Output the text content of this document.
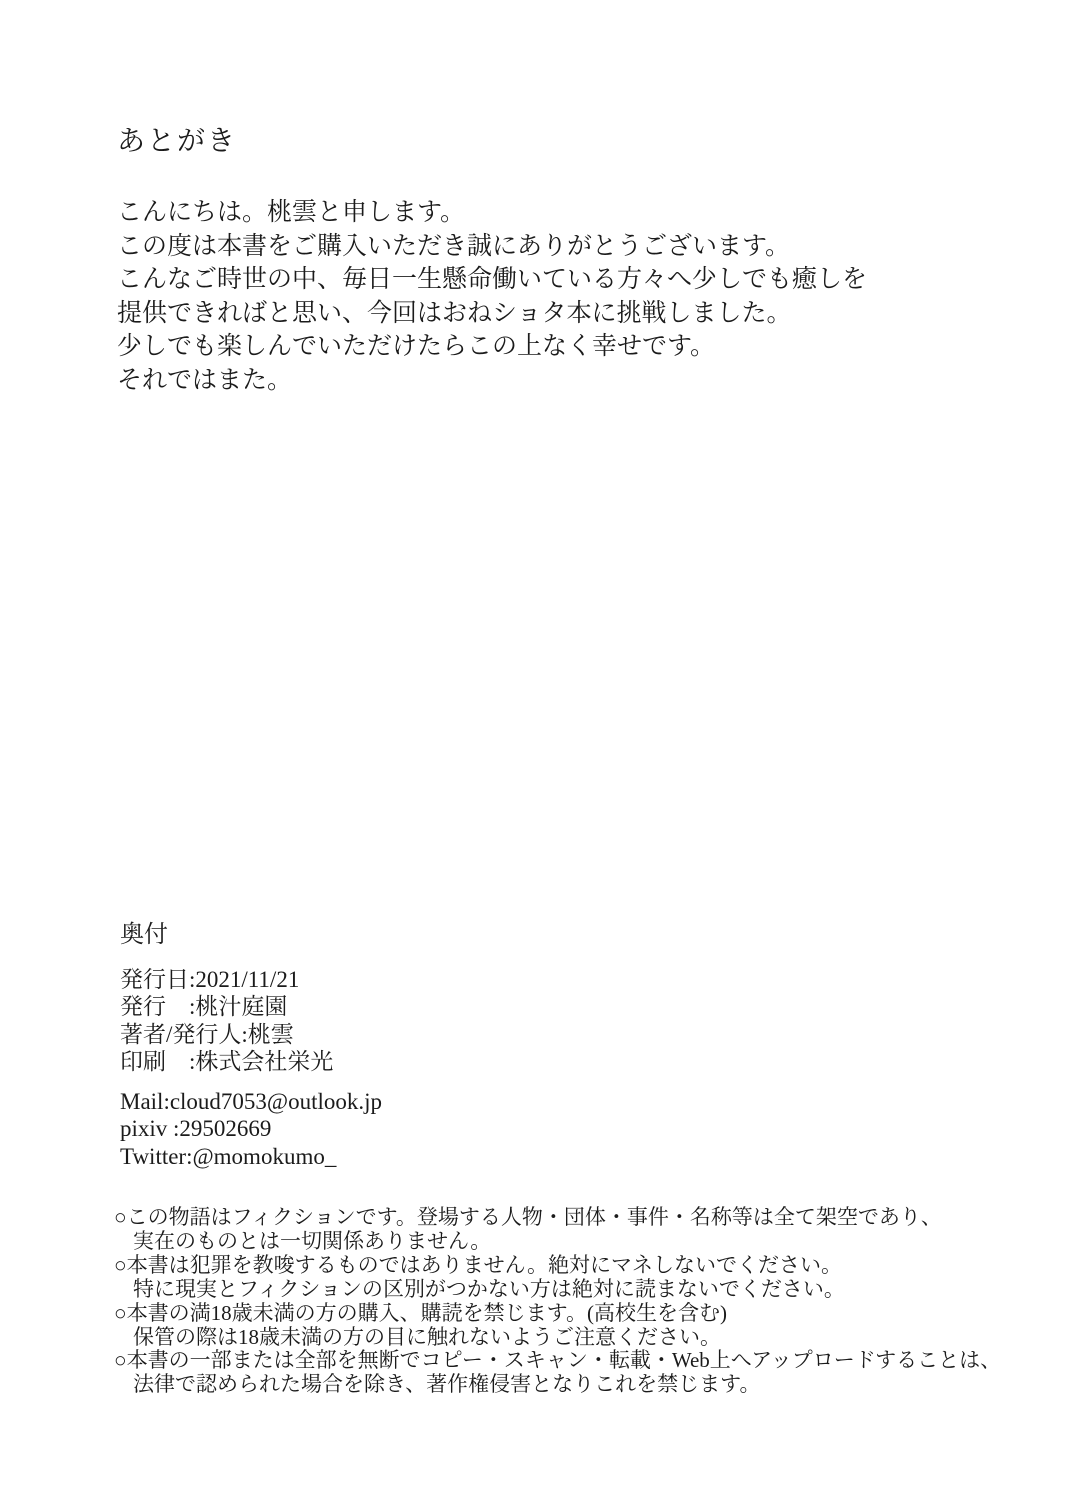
あとがき

こんにちは。桃雲と申します。

この度は本書をご購入いただき誠にありがとうございます。

こんなご時世の中、毎日一生懸命働いている方々へ少しでも癒しを

提供できればと思い、今回はおねショタ本に挑戦しました。

少しでも楽しんでいただけたらこの上なく幸せです。

それではまた。

奥付

発行日:2021/11/21

発行　:桃汁庭園

著者/発行人:桃雲

印刷　:株式会社栄光

Mail:cloud7053@outlook.jp

pixiv :29502669

Twitter:@momokumo_

○この物語はフィクションです。登場する人物・団体・事件・名称等は全て架空であり、

実在のものとは一切関係ありません。

○本書は犯罪を教唆するものではありません。絶対にマネしないでください。

特に現実とフィクションの区別がつかない方は絶対に読まないでください。

○本書の満18歳未満の方の購入、購読を禁じます。(高校生を含む)

保管の際は18歳未満の方の目に触れないようご注意ください。

○本書の一部または全部を無断でコピー・スキャン・転載・Web上へアップロードすることは、

法律で認められた場合を除き、著作権侵害となりこれを禁じます。
